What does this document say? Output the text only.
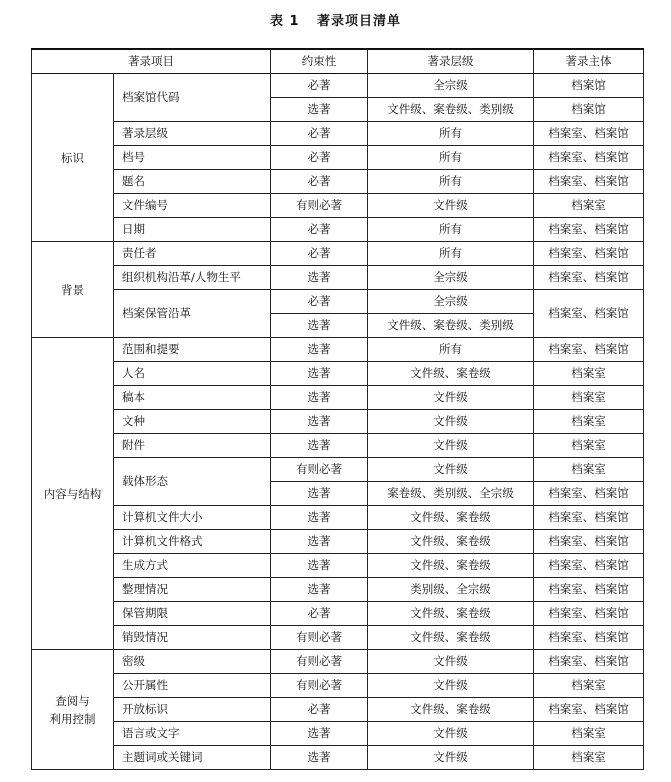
表 1 著录项目清单
著录项目		约束性	著录层级	著录主体
标识	档案馆代码	必著	全宗级	档案馆
		选著	文件级、案卷级、类别级	档案馆
	著录层级	必著	所有	档案室、档案馆
	档号	必著	所有	档案室、档案馆
	题名	必著	所有	档案室、档案馆
	文件编号	有则必著	文件级	档案室
	日期	必著	所有	档案室、档案馆
背景	责任者	必著	所有	档案室、档案馆
	组织机构沿革/人物生平	选著	全宗级	档案室、档案馆
	档案保管沿革	必著	全宗级	档案室、档案馆
		选著	文件级、案卷级、类别级	
内容与结构	范围和提要	选著	所有	档案室、档案馆
	人名	选著	文件级、案卷级	档案室
	稿本	选著	文件级	档案室
	文种	选著	文件级	档案室
	附件	选著	文件级	档案室
	载体形态	有则必著	文件级	档案室
		选著	案卷级、类别级、全宗级	档案室、档案馆
	计算机文件大小	选著	文件级、案卷级	档案室、档案馆
	计算机文件格式	选著	文件级、案卷级	档案室、档案馆
	生成方式	选著	文件级、案卷级	档案室、档案馆
	整理情况	选著	类别级、全宗级	档案室、档案馆
	保管期限	必著	文件级、案卷级	档案室、档案馆
	销毁情况	有则必著	文件级、案卷级	档案室、档案馆
查阅与
利用控制	密级	有则必著	文件级	档案室、档案馆
	公开属性	有则必著	文件级	档案室
	开放标识	必著	文件级、案卷级	档案室、档案馆
	语言或文字	选著	文件级	档案室
	主题词或关键词	选著	文件级	档案室
